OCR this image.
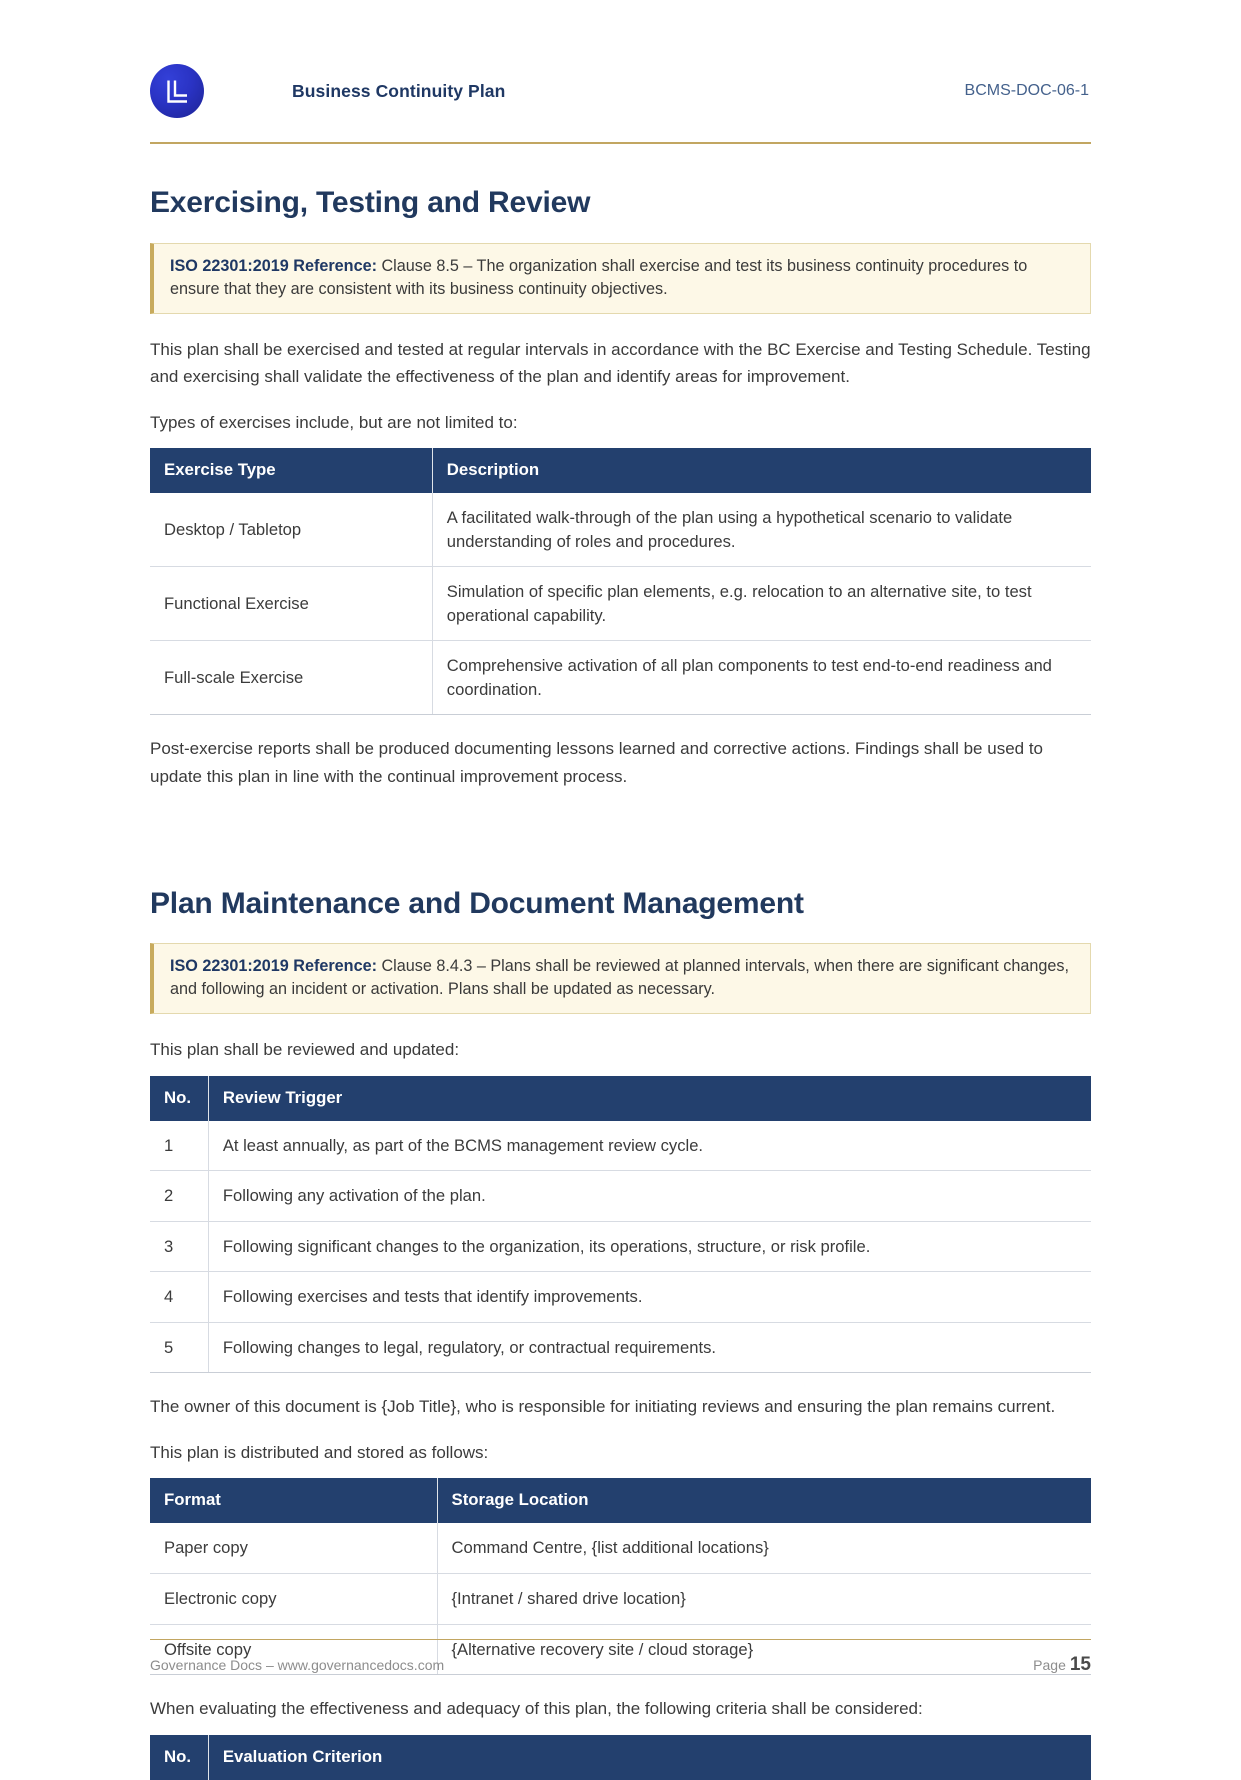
Business Continuity Plan	BCMS-DOC-06-1
Exercising, Testing and Review
ISO 22301:2019 Reference: Clause 8.5 – The organization shall exercise and test its business continuity procedures to ensure that they are consistent with its business continuity objectives.

This plan shall be exercised and tested at regular intervals in accordance with the BC Exercise and Testing Schedule. Testing and exercising shall validate the effectiveness of the plan and identify areas for improvement.

Types of exercises include, but are not limited to:

Exercise Type	Description
Desktop / Tabletop	A facilitated walk-through of the plan using a hypothetical scenario to validate understanding of roles and procedures.
Functional Exercise	Simulation of specific plan elements, e.g. relocation to an alternative site, to test operational capability.
Full-scale Exercise	Comprehensive activation of all plan components to test end-to-end readiness and coordination.

Post-exercise reports shall be produced documenting lessons learned and corrective actions. Findings shall be used to update this plan in line with the continual improvement process.

Plan Maintenance and Document Management
ISO 22301:2019 Reference: Clause 8.4.3 – Plans shall be reviewed at planned intervals, when there are significant changes, and following an incident or activation. Plans shall be updated as necessary.

This plan shall be reviewed and updated:

No.	Review Trigger
1	At least annually, as part of the BCMS management review cycle.
2	Following any activation of the plan.
3	Following significant changes to the organization, its operations, structure, or risk profile.
4	Following exercises and tests that identify improvements.
5	Following changes to legal, regulatory, or contractual requirements.

The owner of this document is {Job Title}, who is responsible for initiating reviews and ensuring the plan remains current.

This plan is distributed and stored as follows:

Format	Storage Location
Paper copy	Command Centre, {list additional locations}
Electronic copy	{Intranet / shared drive location}
Offsite copy	{Alternative recovery site / cloud storage}

When evaluating the effectiveness and adequacy of this plan, the following criteria shall be considered:

No.	Evaluation Criterion
Governance Docs – www.governancedocs.com	Page 15
